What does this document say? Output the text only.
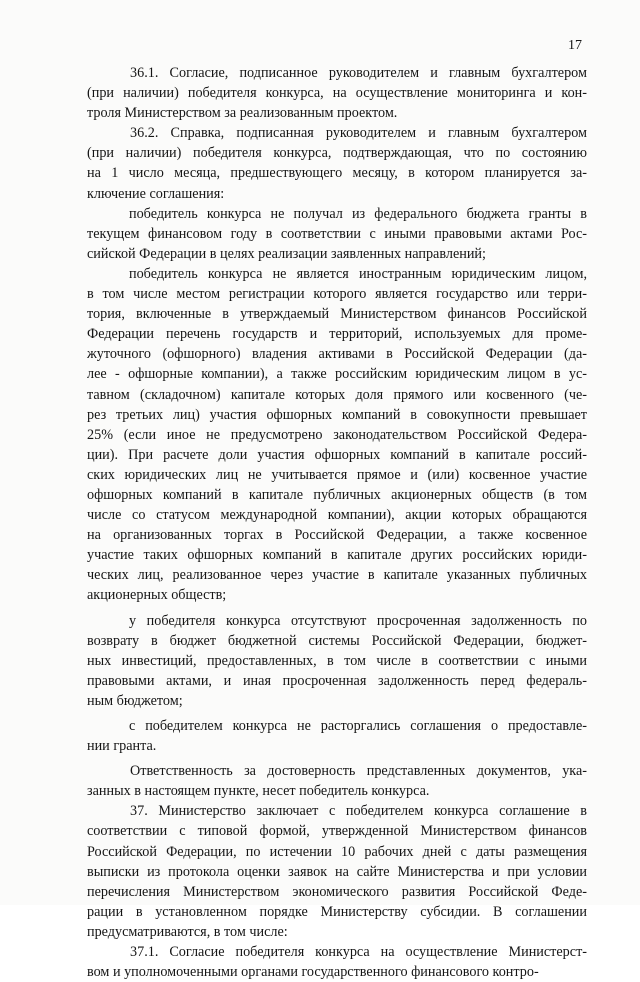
17
36.1. Согласие, подписанное руководителем и главным бухгалтером
(при наличии) победителя конкурса, на осуществление мониторинга и кон-
троля Министерством за реализованным проектом.
36.2. Справка, подписанная руководителем и главным бухгалтером
(при наличии) победителя конкурса, подтверждающая, что по состоянию
на 1 число месяца, предшествующего месяцу, в котором планируется за-
ключение соглашения:
победитель конкурса не получал из федерального бюджета гранты в
текущем финансовом году в соответствии с иными правовыми актами Рос-
сийской Федерации в целях реализации заявленных направлений;
победитель конкурса не является иностранным юридическим лицом,
в том числе местом регистрации которого является государство или терри-
тория, включенные в утверждаемый Министерством финансов Российской
Федерации перечень государств и территорий, используемых для проме-
жуточного (офшорного) владения активами в Российской Федерации (да-
лее - офшорные компании), а также российским юридическим лицом в ус-
тавном (складочном) капитале которых доля прямого или косвенного (че-
рез третьих лиц) участия офшорных компаний в совокупности превышает
25% (если иное не предусмотрено законодательством Российской Федера-
ции). При расчете доли участия офшорных компаний в капитале россий-
ских юридических лиц не учитывается прямое и (или) косвенное участие
офшорных компаний в капитале публичных акционерных обществ (в том
числе со статусом международной компании), акции которых обращаются
на организованных торгах в Российской Федерации, а также косвенное
участие таких офшорных компаний в капитале других российских юриди-
ческих лиц, реализованное через участие в капитале указанных публичных
акционерных обществ;
у победителя конкурса отсутствуют просроченная задолженность по
возврату в бюджет бюджетной системы Российской Федерации, бюджет-
ных инвестиций, предоставленных, в том числе в соответствии с иными
правовыми актами, и иная просроченная задолженность перед федераль-
ным бюджетом;
с победителем конкурса не расторгались соглашения о предоставле-
нии гранта.
Ответственность за достоверность представленных документов, ука-
занных в настоящем пункте, несет победитель конкурса.
37. Министерство заключает с победителем конкурса соглашение в
соответствии с типовой формой, утвержденной Министерством финансов
Российской Федерации, по истечении 10 рабочих дней с даты размещения
выписки из протокола оценки заявок на сайте Министерства и при условии
перечисления Министерством экономического развития Российской Феде-
рации в установленном порядке Министерству субсидии. В соглашении
предусматриваются, в том числе:
37.1. Согласие победителя конкурса на осуществление Министерст-
вом и уполномоченными органами государственного финансового контро-
